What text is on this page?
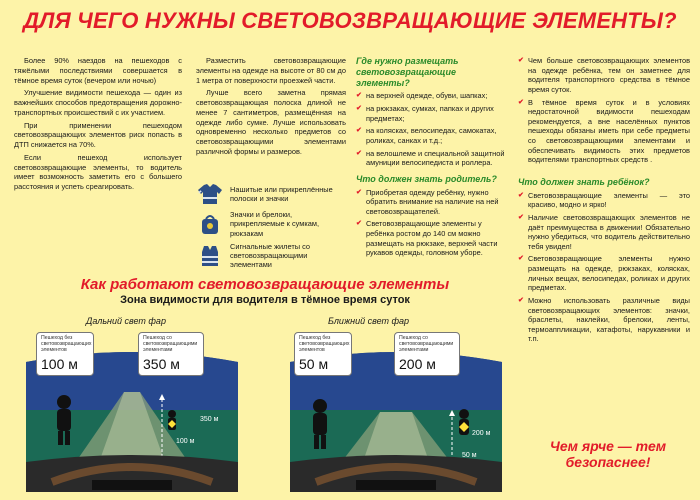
ДЛЯ ЧЕГО НУЖНЫ СВЕТОВОЗВРАЩАЮЩИЕ ЭЛЕМЕНТЫ?
Более 90% наездов на пешеходов с тяжёлыми последствиями совершается в тёмное время суток (вечером или ночью)
Улучшение видимости пешехода — один из важнейших способов предотвращения дорожно-транспортных происшествий с их участием.
При применении пешеходом световозвращающих элементов риск попасть в ДТП снижается на 70%.
Если пешеход использует световозвращающие элементы, то водитель имеет возможность заметить его с большего расстояния и успеть среагировать.
Разместить световозвращающие элементы на одежде на высоте от 80 см до 1 метра от поверхности проезжей части.
Лучше всего заметна прямая световозвращающая полоска длиной не менее 7 сантиметров, размещённая на одежде либо сумке. Лучше использовать одновременно несколько предметов со световозвращающими элементами различной формы и размеров.
Нашитые или прикреплённые полоски и значки
Значки и брелоки, прикрепляемые к сумкам, рюкзакам
Сигнальные жилеты со световозвращающими элементами
Где нужно размещать световозвращающие элементы?
✔ на верхней одежде, обуви, шапках;
✔ на рюкзаках, сумках, папках и других предметах;
✔ на колясках, велосипедах, самокатах, роликах, санках и т.д.;
✔ на велошлеме и специальной защитной амуниции велосипедиста и роллера.
Что должен знать родитель?
✔ Приобретая одежду ребёнку, нужно обратить внимание на наличие на ней световозвращателей.
✔ Световозвращающие элементы у ребёнка ростом до 140 см можно размещать на рюкзаке, верхней части рукавов одежды, головном уборе.
✔ Чем больше световозвращающих элементов на одежде ребёнка, тем он заметнее для водителя транспортного средства в тёмное время суток.
✔ В тёмное время суток и в условиях недостаточной видимости пешеходам рекомендуется, а вне населённых пунктов пешеходы обязаны иметь при себе предметы со световозвращающими элементами и обеспечивать видимость этих предметов водителями транспортных средств .
Что должен знать ребёнок?
✔ Световозвращающие элементы — это красиво, модно и ярко!
✔ Наличие световозвращающих элементов не даёт преимущества в движении! Обязательно нужно убедиться, что водитель действительно тебя увидел!
✔ Световозвращающие элементы нужно размещать на одежде, рюкзаках, колясках, личных вещах, велосипедах, роликах и других предметах.
✔ Можно использовать различные виды световозвращающих элементов: значки, браслеты, наклейки, брелоки, ленты, термоаппликации, катафоты, нарукавники и т.п.
Чем ярче — тем безопаснее!
Как работают световозвращающие элементы
Зона видимости для водителя в тёмное время суток
Дальний свет фар	Ближний свет фар
Пешеход без световозвращающих элементов
100 м
Пешеход со световозвращающими элементами
350 м
350 м
100 м
Пешеход без световозвращающих элементов
50 м
Пешеход со световозвращающими элементами
200 м
200 м
50 м
